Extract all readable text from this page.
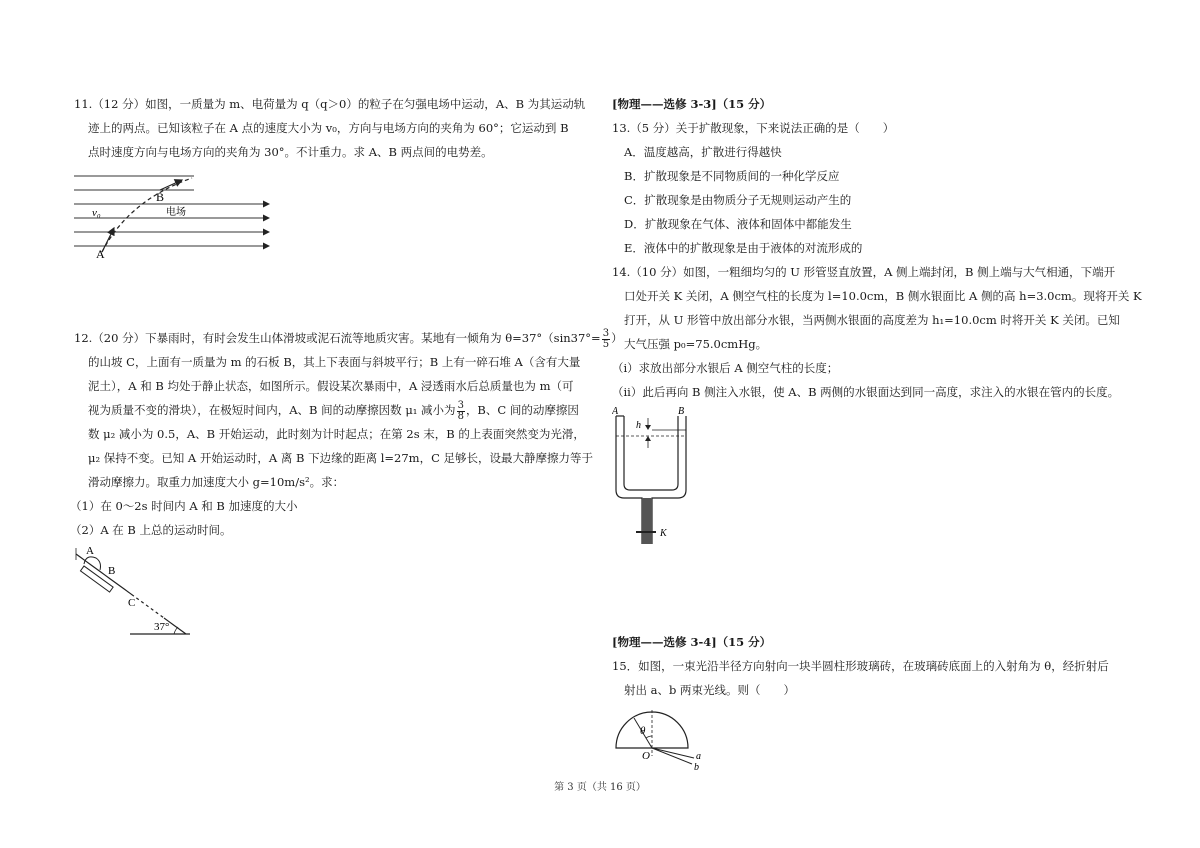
11.（12 分）如图，一质量为 m、电荷量为 q（q＞0）的粒子在匀强电场中运动，A、B 为其运动轨
迹上的两点。已知该粒子在 A 点的速度大小为 v₀，方向与电场方向的夹角为 60°；它运动到 B
点时速度方向与电场方向的夹角为 30°。不计重力。求 A、B 两点间的电势差。
B
A
v₀	电场
12.（20 分）下暴雨时，有时会发生山体滑坡或泥石流等地质灾害。某地有一倾角为 $\theta=37^\circ(\sin 37^\circ= \frac{3}{5}$ ）
的山坡 C，上面有一质量为 m 的石板 B，其上下表面与斜坡平行；B 上有一碎石堆 A（含有大量
泥土），A 和 B 均处于静止状态，如图所示。假设某次暴雨中，A 浸透雨水后总质量也为 m（可
视为质量不变的滑块），在极短时间内，A、B 间的动摩擦因数 μ₁ 减小为 $\frac{3}{8}$ ，B、C 间的动摩擦因
数 μ₂ 减小为 0.5，A、B 开始运动，此时刻为计时起点；在第 2s 末，B 的上表面突然变为光滑，
μ₂ 保持不变。已知 A 开始运动时，A 离 B 下边缘的距离 l=27m，C 足够长，设最大静摩擦力等于
滑动摩擦力。取重力加速度大小 g=10m/s²。求：
（1）在 0～2s 时间内 A 和 B 加速度的大小
（2）A 在 B 上总的运动时间。
A
B
C
37°
[物理——选修 3-3]（15 分）
13.（5 分）关于扩散现象，下来说法正确的是（　　）
A．温度越高，扩散进行得越快
B．扩散现象是不同物质间的一种化学反应
C．扩散现象是由物质分子无规则运动产生的
D．扩散现象在气体、液体和固体中都能发生
E．液体中的扩散现象是由于液体的对流形成的
14.（10 分）如图，一粗细均匀的 U 形管竖直放置，A 侧上端封闭，B 侧上端与大气相通，下端开
口处开关 K 关闭，A 侧空气柱的长度为 l=10.0cm，B 侧水银面比 A 侧的高 h=3.0cm。现将开关 K
打开，从 U 形管中放出部分水银，当两侧水银面的高度差为 h₁=10.0cm 时将开关 K 关闭。已知
大气压强 p₀=75.0cmHg。
（i）求放出部分水银后 A 侧空气柱的长度；
（ii）此后再向 B 侧注入水银，使 A、B 两侧的水银面达到同一高度，求注入的水银在管内的长度。
A	B
h
K
[物理——选修 3-4]（15 分）
15．如图，一束光沿半径方向射向一块半圆柱形玻璃砖，在玻璃砖底面上的入射角为 θ，经折射后
射出 a、b 两束光线。则（　　）
θ
O	a
b
第 3 页（共 16 页）
